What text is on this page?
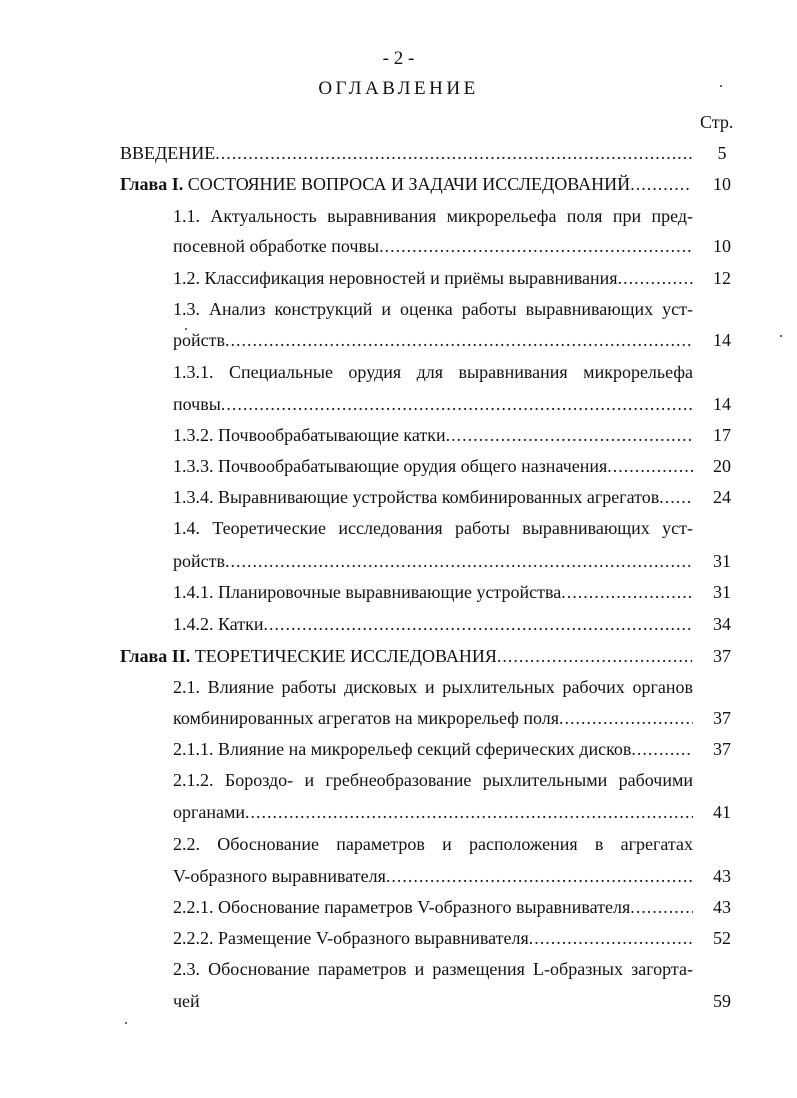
- 2 -
ОГЛАВЛЕНИЕ
Стр.
ВВЕДЕНИЕ .....	5
Глава I. СОСТОЯНИЕ ВОПРОСА И ЗАДАЧИ ИССЛЕДОВАНИЙ .....	10
1.1. Актуальность выравнивания микрорельефа поля при пред-
посевной обработке почвы .....	10
1.2. Классификация неровностей и приёмы выравнивания .....	12
1.3. Анализ конструкций и оценка работы выравнивающих уст-
ройств .....	14
1.3.1. Специальные орудия для выравнивания микрорельефа
почвы .....	14
1.3.2. Почвообрабатывающие катки .....	17
1.3.3. Почвообрабатывающие орудия общего назначения .....	20
1.3.4. Выравнивающие устройства комбинированных агрегатов .....	24
1.4. Теоретические исследования работы выравнивающих уст-
ройств .....	31
1.4.1. Планировочные выравнивающие устройства .....	31
1.4.2. Катки .....	34
Глава II. ТЕОРЕТИЧЕСКИЕ ИССЛЕДОВАНИЯ .....	37
2.1. Влияние работы дисковых и рыхлительных рабочих органов
комбинированных агрегатов на микрорельеф поля .....	37
2.1.1. Влияние на микрорельеф секций сферических дисков .....	37
2.1.2. Бороздо- и гребнеобразование рыхлительными рабочими
органами .....	41
2.2. Обоснование параметров и расположения в агрегатах
V-образного выравнивателя .....	43
2.2.1. Обоснование параметров V-образного выравнивателя .....	43
2.2.2. Размещение V-образного выравнивателя .....	52
2.3. Обоснование параметров и размещения L-образных загорта-
чей	59
